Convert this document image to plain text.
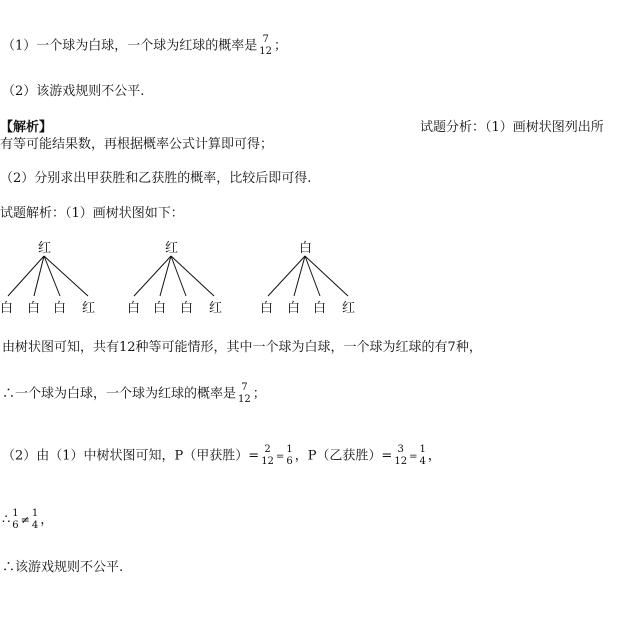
（1）一个球为白球，一个球为红球的概率是 7
12 ；
（2）该游戏规则不公平.
【解析】	试题分析：（1）画树状图列出所
有等可能结果数，再根据概率公式计算即可得；
（2）分别求出甲获胜和乙获胜的概率，比较后即可得.
试题解析：（1）画树状图如下：
红
白 白 白 红
红
白 白 白 红
白
白 白 白 红
由树状图可知，共有12种等可能情形，其中一个球为白球，一个球为红球的有7种，
∴一个球为白球，一个球为红球的概率是 7
12 ；
（2）由（1）中树状图可知，P（甲获胜）= 2
12 =
1
6 ，P（乙获胜）= 3
12 =
1
4 ，
∴ 1
6 ≠ 1
4 ，
∴该游戏规则不公平.
